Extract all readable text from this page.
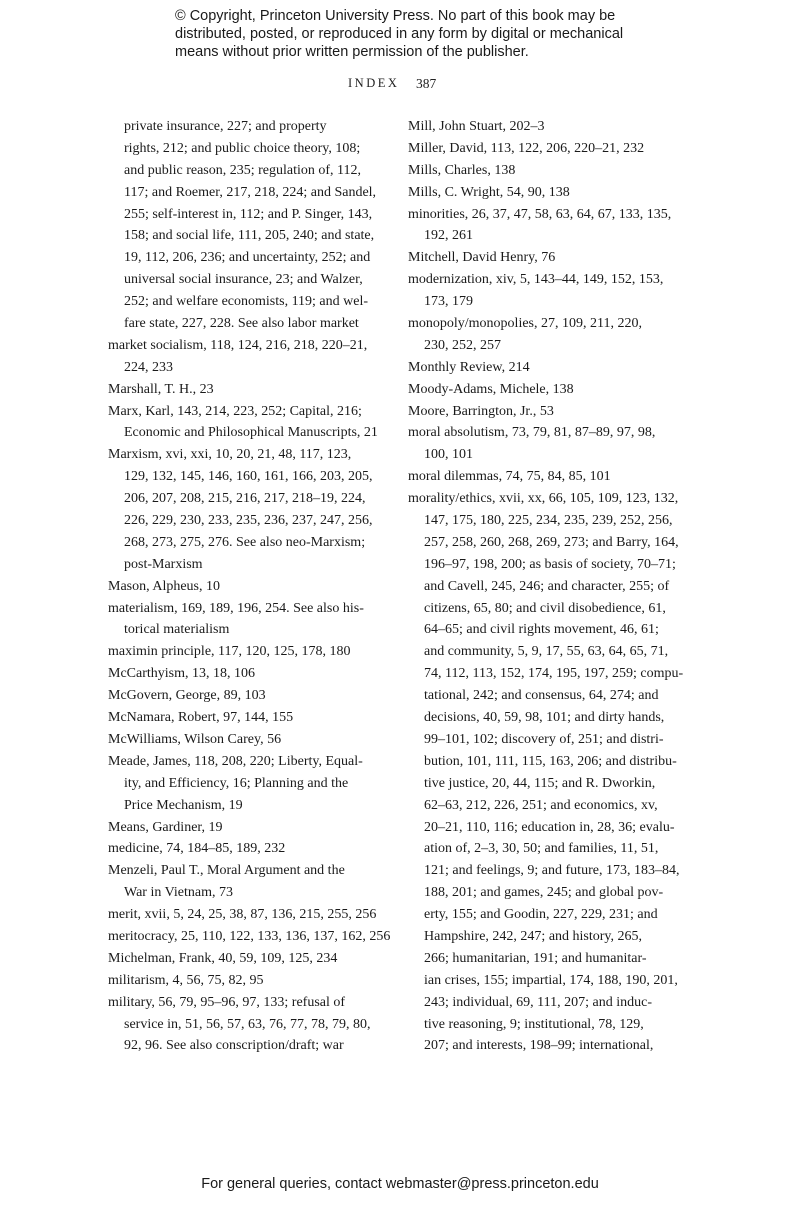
© Copyright, Princeton University Press. No part of this book may be
distributed, posted, or reproduced in any form by digital or mechanical
means without prior written permission of the publisher.
INDEX 387
private insurance, 227; and property
rights, 212; and public choice theory, 108;
and public reason, 235; regulation of, 112,
117; and Roemer, 217, 218, 224; and Sandel,
255; self-interest in, 112; and P. Singer, 143,
158; and social life, 111, 205, 240; and state,
19, 112, 206, 236; and uncertainty, 252; and
universal social insurance, 23; and Walzer,
252; and welfare economists, 119; and wel-
fare state, 227, 228. See also labor market
market socialism, 118, 124, 216, 218, 220–21,
224, 233
Marshall, T. H., 23
Marx, Karl, 143, 214, 223, 252; Capital, 216;
Economic and Philosophical Manuscripts, 21
Marxism, xvi, xxi, 10, 20, 21, 48, 117, 123,
129, 132, 145, 146, 160, 161, 166, 203, 205,
206, 207, 208, 215, 216, 217, 218–19, 224,
226, 229, 230, 233, 235, 236, 237, 247, 256,
268, 273, 275, 276. See also neo-Marxism;
post-Marxism
Mason, Alpheus, 10
materialism, 169, 189, 196, 254. See also his-
torical materialism
maximin principle, 117, 120, 125, 178, 180
McCarthyism, 13, 18, 106
McGovern, George, 89, 103
McNamara, Robert, 97, 144, 155
McWilliams, Wilson Carey, 56
Meade, James, 118, 208, 220; Liberty, Equal-
ity, and Efficiency, 16; Planning and the
Price Mechanism, 19
Means, Gardiner, 19
medicine, 74, 184–85, 189, 232
Menzeli, Paul T., Moral Argument and the
War in Vietnam, 73
merit, xvii, 5, 24, 25, 38, 87, 136, 215, 255, 256
meritocracy, 25, 110, 122, 133, 136, 137, 162, 256
Michelman, Frank, 40, 59, 109, 125, 234
militarism, 4, 56, 75, 82, 95
military, 56, 79, 95–96, 97, 133; refusal of
service in, 51, 56, 57, 63, 76, 77, 78, 79, 80,
92, 96. See also conscription/draft; war
Mill, John Stuart, 202–3
Miller, David, 113, 122, 206, 220–21, 232
Mills, Charles, 138
Mills, C. Wright, 54, 90, 138
minorities, 26, 37, 47, 58, 63, 64, 67, 133, 135,
192, 261
Mitchell, David Henry, 76
modernization, xiv, 5, 143–44, 149, 152, 153,
173, 179
monopoly/monopolies, 27, 109, 211, 220,
230, 252, 257
Monthly Review, 214
Moody-Adams, Michele, 138
Moore, Barrington, Jr., 53
moral absolutism, 73, 79, 81, 87–89, 97, 98,
100, 101
moral dilemmas, 74, 75, 84, 85, 101
morality/ethics, xvii, xx, 66, 105, 109, 123, 132,
147, 175, 180, 225, 234, 235, 239, 252, 256,
257, 258, 260, 268, 269, 273; and Barry, 164,
196–97, 198, 200; as basis of society, 70–71;
and Cavell, 245, 246; and character, 255; of
citizens, 65, 80; and civil disobedience, 61,
64–65; and civil rights movement, 46, 61;
and community, 5, 9, 17, 55, 63, 64, 65, 71,
74, 112, 113, 152, 174, 195, 197, 259; compu-
tational, 242; and consensus, 64, 274; and
decisions, 40, 59, 98, 101; and dirty hands,
99–101, 102; discovery of, 251; and distri-
bution, 101, 111, 115, 163, 206; and distribu-
tive justice, 20, 44, 115; and R. Dworkin,
62–63, 212, 226, 251; and economics, xv,
20–21, 110, 116; education in, 28, 36; evalu-
ation of, 2–3, 30, 50; and families, 11, 51,
121; and feelings, 9; and future, 173, 183–84,
188, 201; and games, 245; and global pov-
erty, 155; and Goodin, 227, 229, 231; and
Hampshire, 242, 247; and history, 265,
266; humanitarian, 191; and humanitar-
ian crises, 155; impartial, 174, 188, 190, 201,
243; individual, 69, 111, 207; and induc-
tive reasoning, 9; institutional, 78, 129,
207; and interests, 198–99; international,
For general queries, contact webmaster@press.princeton.edu
